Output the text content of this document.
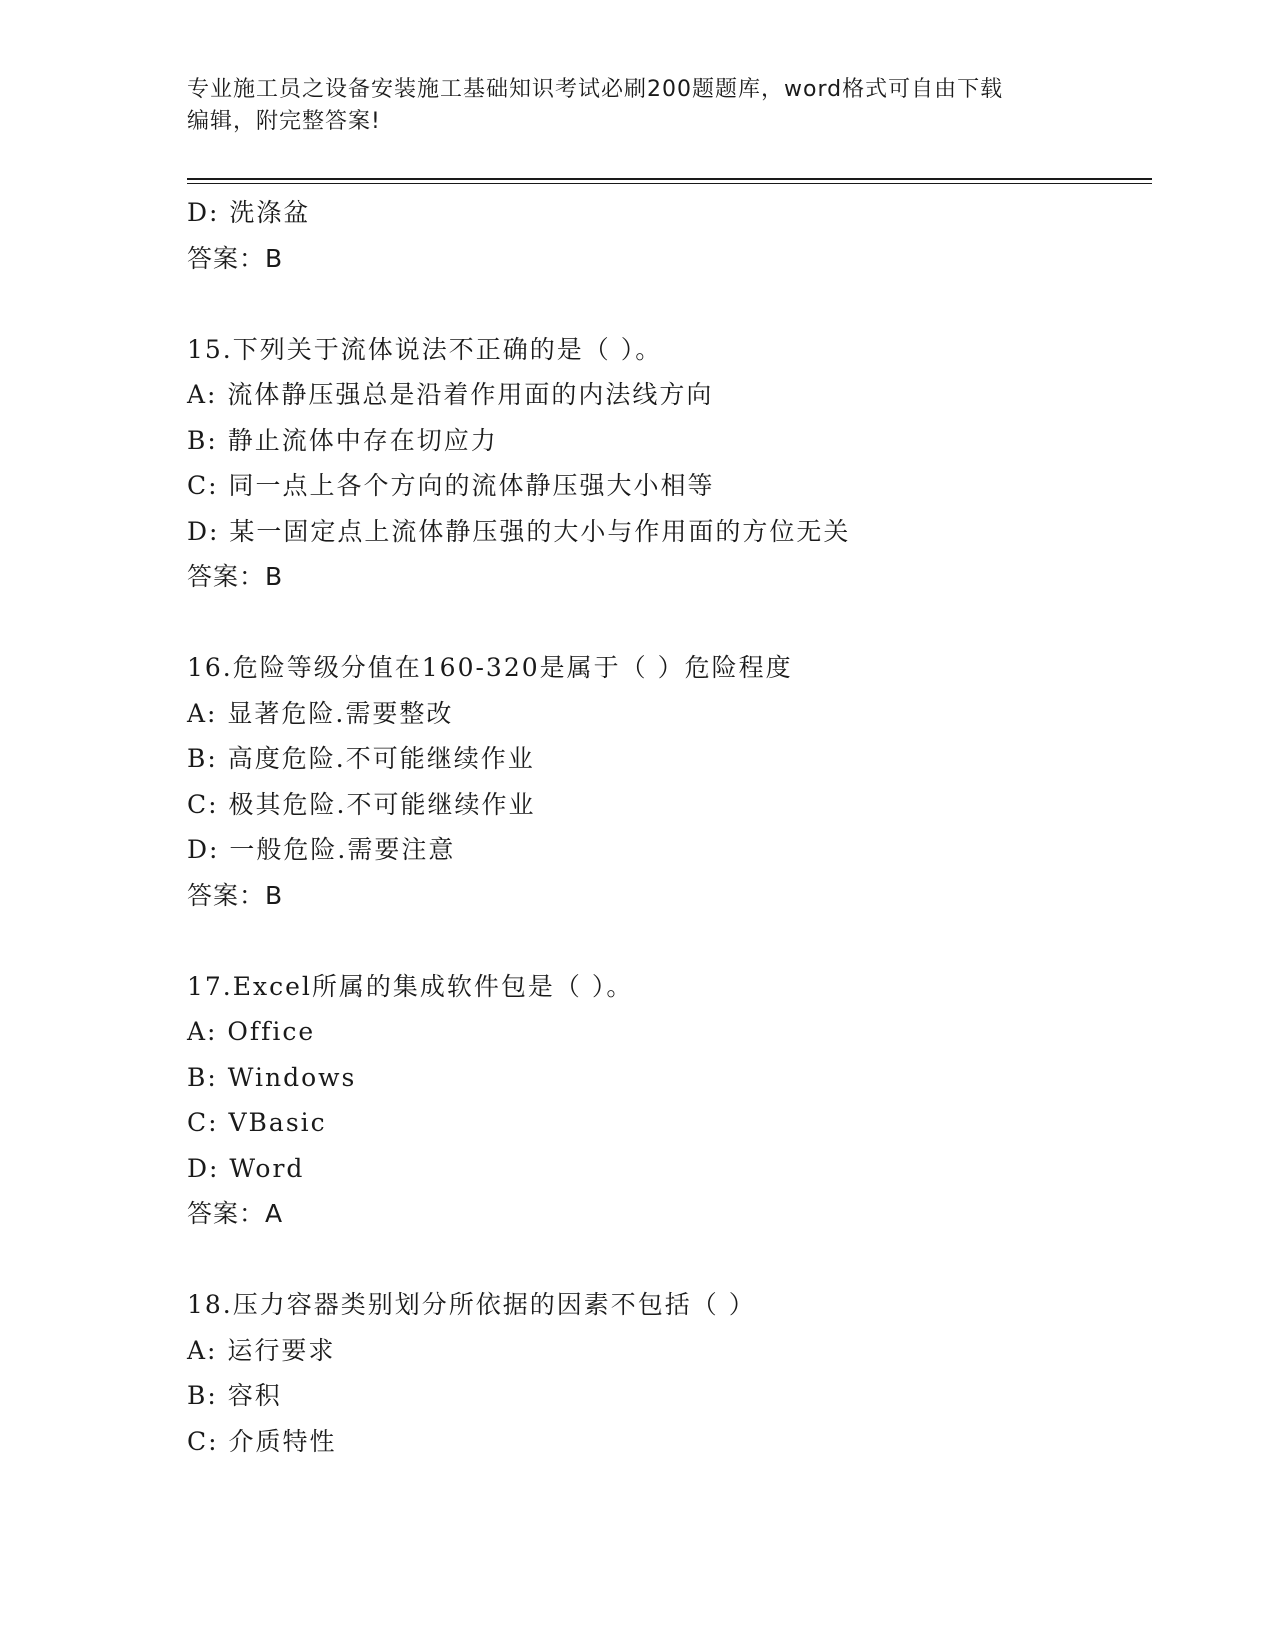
专业施工员之设备安装施工基础知识考试必刷200题题库，word格式可自由下载
编辑，附完整答案!
D: 洗涤盆
答案：B
15.下列关于流体说法不正确的是（ ）。
A: 流体静压强总是沿着作用面的内法线方向
B: 静止流体中存在切应力
C: 同一点上各个方向的流体静压强大小相等
D: 某一固定点上流体静压强的大小与作用面的方位无关
答案：B
16.危险等级分值在160-320是属于（ ）危险程度
A: 显著危险.需要整改
B: 高度危险.不可能继续作业
C: 极其危险.不可能继续作业
D: 一般危险.需要注意
答案：B
17.Excel所属的集成软件包是（ ）。
A: Office
B: Windows
C: VBasic
D: Word
答案：A
18.压力容器类别划分所依据的因素不包括（ ）
A: 运行要求
B: 容积
C: 介质特性
